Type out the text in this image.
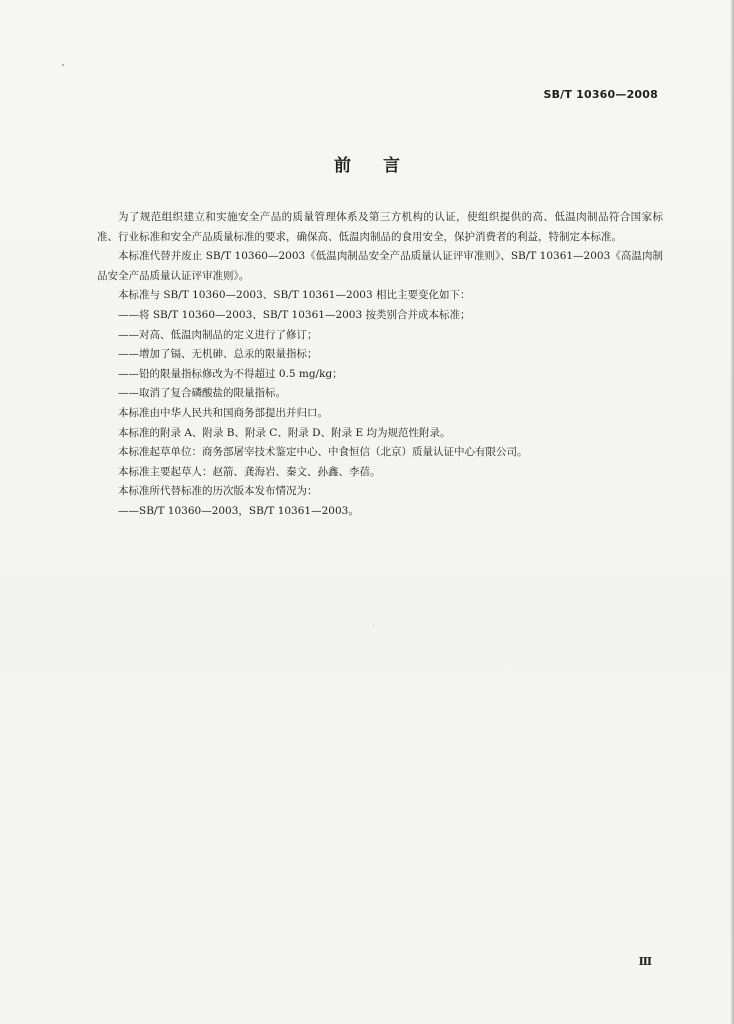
SB/T 10360—2008
前 言

为了规范组织建立和实施安全产品的质量管理体系及第三方机构的认证，使组织提供的高、低温肉制品符合国家标准、行业标准和安全产品质量标准的要求，确保高、低温肉制品的食用安全，保护消费者的利益，特制定本标准。

本标准代替并废止 SB/T 10360—2003《低温肉制品安全产品质量认证评审准则》、SB/T 10361—2003《高温肉制品安全产品质量认证评审准则》。

本标准与 SB/T 10360—2003、SB/T 10361—2003 相比主要变化如下：

——将 SB/T 10360—2003、SB/T 10361—2003 按类别合并成本标准；

——对高、低温肉制品的定义进行了修订；

——增加了镉、无机砷、总汞的限量指标；

——铅的限量指标修改为不得超过 0.5 mg/kg；

——取消了复合磷酸盐的限量指标。

本标准由中华人民共和国商务部提出并归口。

本标准的附录 A、附录 B、附录 C、附录 D、附录 E 均为规范性附录。

本标准起草单位：商务部屠宰技术鉴定中心、中食恒信（北京）质量认证中心有限公司。

本标准主要起草人：赵箭、龚海岩、秦文、孙鑫、李蓓。

本标准所代替标准的历次版本发布情况为：

——SB/T 10360—2003，SB/T 10361—2003。

Ⅲ
